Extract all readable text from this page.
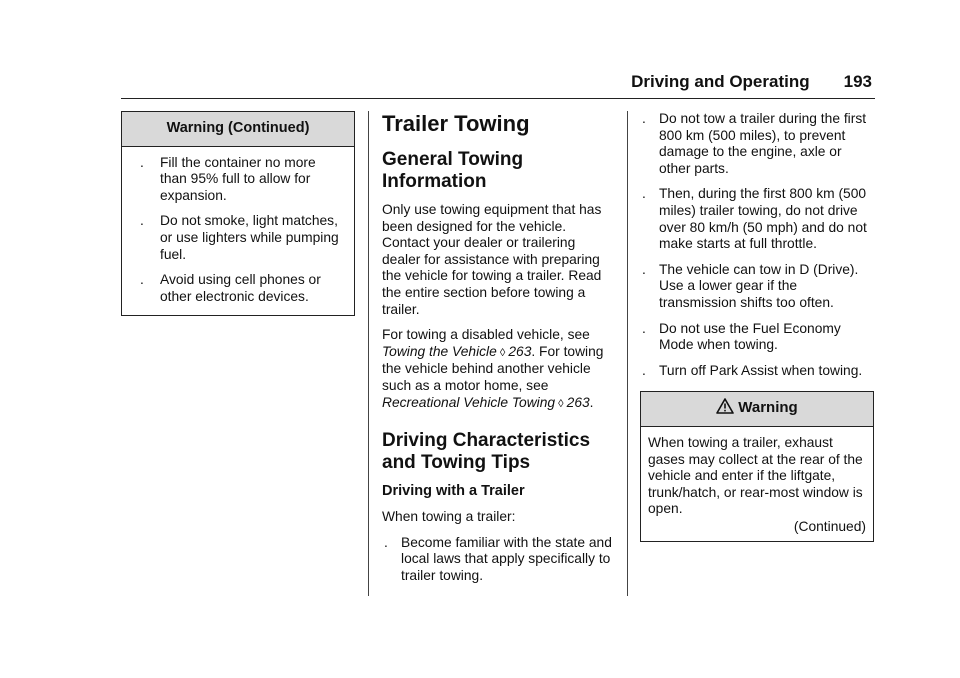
Driving and Operating 193
Warning (Continued)
. Fill the container no more than 95% full to allow for expansion.
. Do not smoke, light matches, or use lighters while pumping fuel.
. Avoid using cell phones or other electronic devices.
Trailer Towing
General Towing Information

Only use towing equipment that has been designed for the vehicle. Contact your dealer or trailering dealer for assistance with preparing the vehicle for towing a trailer. Read the entire section before towing a trailer.

For towing a disabled vehicle, see Towing the Vehicle ◊ 263. For towing the vehicle behind another vehicle such as a motor home, see Recreational Vehicle Towing ◊ 263.

Driving Characteristics and Towing Tips
Driving with a Trailer

When towing a trailer:

. Become familiar with the state and local laws that apply specifically to trailer towing.
. Do not tow a trailer during the first 800 km (500 miles), to prevent damage to the engine, axle or other parts.
. Then, during the first 800 km (500 miles) trailer towing, do not drive over 80 km/h (50 mph) and do not make starts at full throttle.
. The vehicle can tow in D (Drive). Use a lower gear if the transmission shifts too often.
. Do not use the Fuel Economy Mode when towing.
. Turn off Park Assist when towing.
Warning
When towing a trailer, exhaust gases may collect at the rear of the vehicle and enter if the liftgate, trunk/hatch, or rear-most window is open.
(Continued)
